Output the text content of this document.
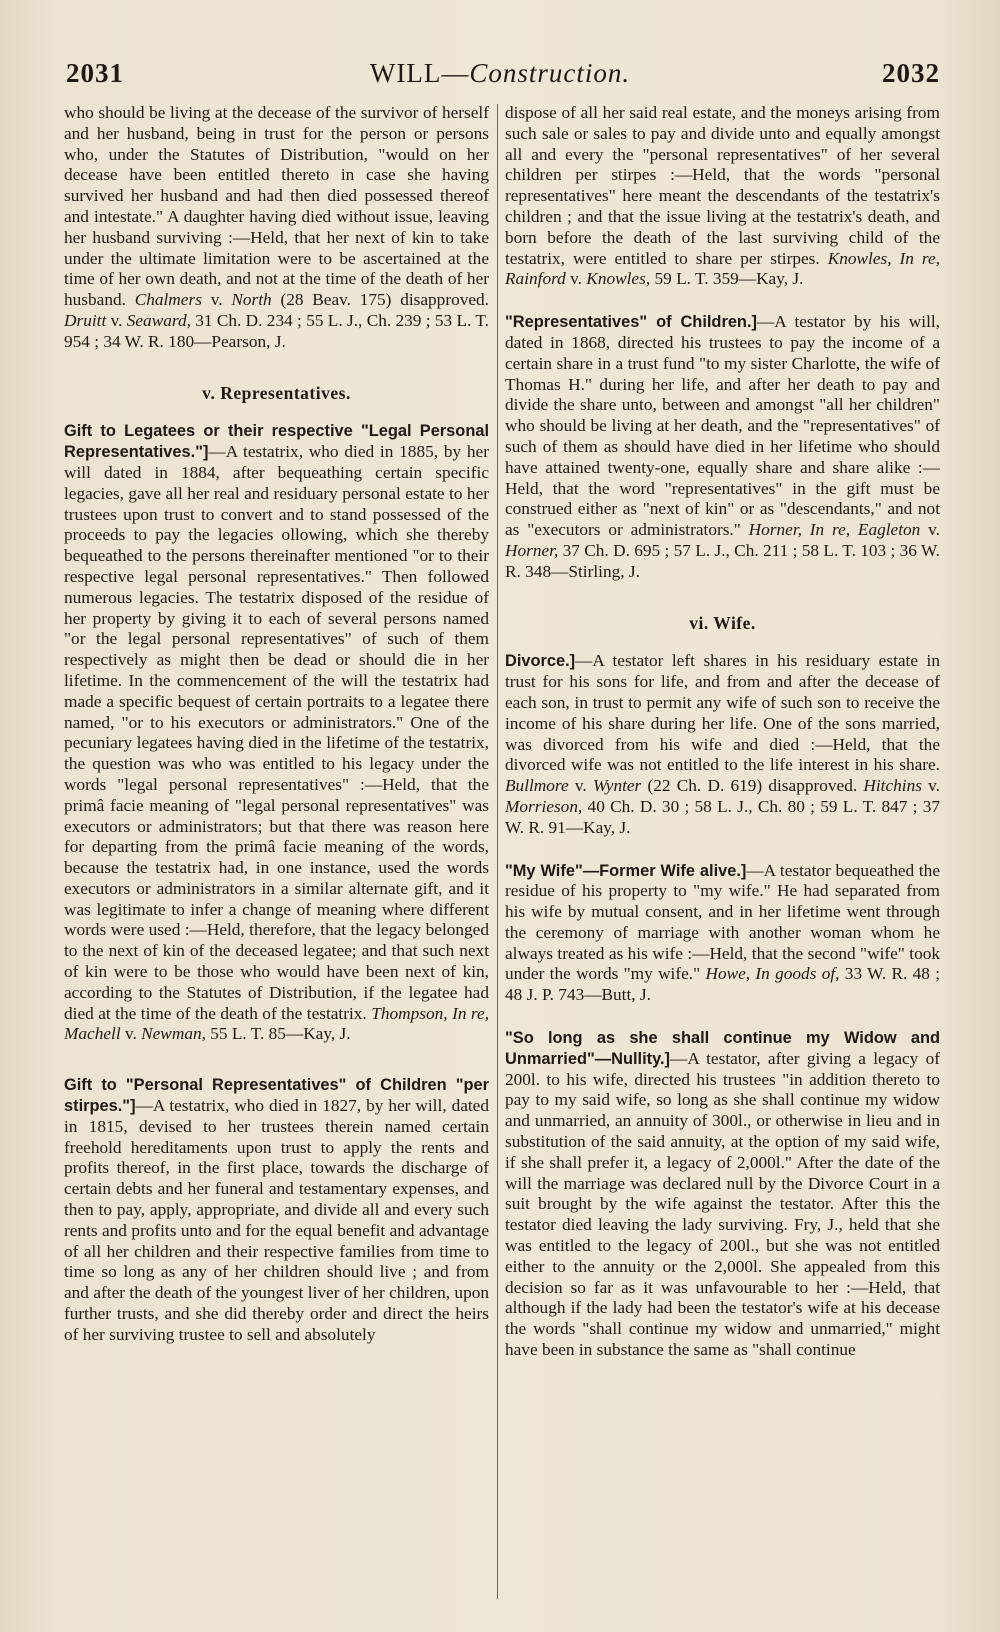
2031	WILL—Construction.	2032

who should be living at the decease of the survivor of herself and her husband, being in trust for the person or persons who, under the Statutes of Distribution, "would on her decease have been entitled thereto in case she having survived her husband and had then died possessed thereof and intestate." A daughter having died without issue, leaving her husband surviving :—Held, that her next of kin to take under the ultimate limitation were to be ascertained at the time of her own death, and not at the time of the death of her husband. Chalmers v. North (28 Beav. 175) disapproved. Druitt v. Seaward, 31 Ch. D. 234 ; 55 L. J., Ch. 239 ; 53 L. T. 954 ; 34 W. R. 180—Pearson, J.

v. Representatives.

Gift to Legatees or their respective "Legal Personal Representatives."]—A testatrix, who died in 1885, by her will dated in 1884, after bequeathing certain specific legacies, gave all her real and residuary personal estate to her trustees upon trust to convert and to stand possessed of the proceeds to pay the legacies ollowing, which she thereby bequeathed to the persons thereinafter mentioned "or to their respective legal personal representatives." Then followed numerous legacies. The testatrix disposed of the residue of her property by giving it to each of several persons named "or the legal personal representatives" of such of them respectively as might then be dead or should die in her lifetime. In the commencement of the will the testatrix had made a specific bequest of certain portraits to a legatee there named, "or to his executors or administrators." One of the pecuniary legatees having died in the lifetime of the testatrix, the question was who was entitled to his legacy under the words "legal personal representatives" :—Held, that the primâ facie meaning of "legal personal representatives" was executors or administrators; but that there was reason here for departing from the primâ facie meaning of the words, because the testatrix had, in one instance, used the words executors or administrators in a similar alternate gift, and it was legitimate to infer a change of meaning where different words were used :—Held, therefore, that the legacy belonged to the next of kin of the deceased legatee; and that such next of kin were to be those who would have been next of kin, according to the Statutes of Distribution, if the legatee had died at the time of the death of the testatrix. Thompson, In re, Machell v. Newman, 55 L. T. 85—Kay, J.

Gift to "Personal Representatives" of Children "per stirpes."]—A testatrix, who died in 1827, by her will, dated in 1815, devised to her trustees therein named certain freehold hereditaments upon trust to apply the rents and profits thereof, in the first place, towards the discharge of certain debts and her funeral and testamentary expenses, and then to pay, apply, appropriate, and divide all and every such rents and profits unto and for the equal benefit and advantage of all her children and their respective families from time to time so long as any of her children should live ; and from and after the death of the youngest liver of her children, upon further trusts, and she did thereby order and direct the heirs of her surviving trustee to sell and absolutely

dispose of all her said real estate, and the moneys arising from such sale or sales to pay and divide unto and equally amongst all and every the "personal representatives" of her several children per stirpes :—Held, that the words "personal representatives" here meant the descendants of the testatrix's children ; and that the issue living at the testatrix's death, and born before the death of the last surviving child of the testatrix, were entitled to share per stirpes. Knowles, In re, Rainford v. Knowles, 59 L. T. 359—Kay, J.

"Representatives" of Children.]—A testator by his will, dated in 1868, directed his trustees to pay the income of a certain share in a trust fund "to my sister Charlotte, the wife of Thomas H." during her life, and after her death to pay and divide the share unto, between and amongst "all her children" who should be living at her death, and the "representatives" of such of them as should have died in her lifetime who should have attained twenty-one, equally share and share alike :—Held, that the word "representatives" in the gift must be construed either as "next of kin" or as "descendants," and not as "executors or administrators." Horner, In re, Eagleton v. Horner, 37 Ch. D. 695 ; 57 L. J., Ch. 211 ; 58 L. T. 103 ; 36 W. R. 348—Stirling, J.

vi. Wife.

Divorce.]—A testator left shares in his residuary estate in trust for his sons for life, and from and after the decease of each son, in trust to permit any wife of such son to receive the income of his share during her life. One of the sons married, was divorced from his wife and died :—Held, that the divorced wife was not entitled to the life interest in his share. Bullmore v. Wynter (22 Ch. D. 619) disapproved. Hitchins v. Morrieson, 40 Ch. D. 30 ; 58 L. J., Ch. 80 ; 59 L. T. 847 ; 37 W. R. 91—Kay, J.

"My Wife"—Former Wife alive.]—A testator bequeathed the residue of his property to "my wife." He had separated from his wife by mutual consent, and in her lifetime went through the ceremony of marriage with another woman whom he always treated as his wife :—Held, that the second "wife" took under the words "my wife." Howe, In goods of, 33 W. R. 48 ; 48 J. P. 743—Butt, J.

"So long as she shall continue my Widow and Unmarried"—Nullity.]—A testator, after giving a legacy of 200l. to his wife, directed his trustees "in addition thereto to pay to my said wife, so long as she shall continue my widow and unmarried, an annuity of 300l., or otherwise in lieu and in substitution of the said annuity, at the option of my said wife, if she shall prefer it, a legacy of 2,000l." After the date of the will the marriage was declared null by the Divorce Court in a suit brought by the wife against the testator. After this the testator died leaving the lady surviving. Fry, J., held that she was entitled to the legacy of 200l., but she was not entitled either to the annuity or the 2,000l. She appealed from this decision so far as it was unfavourable to her :—Held, that although if the lady had been the testator's wife at his decease the words "shall continue my widow and unmarried," might have been in substance the same as "shall continue
